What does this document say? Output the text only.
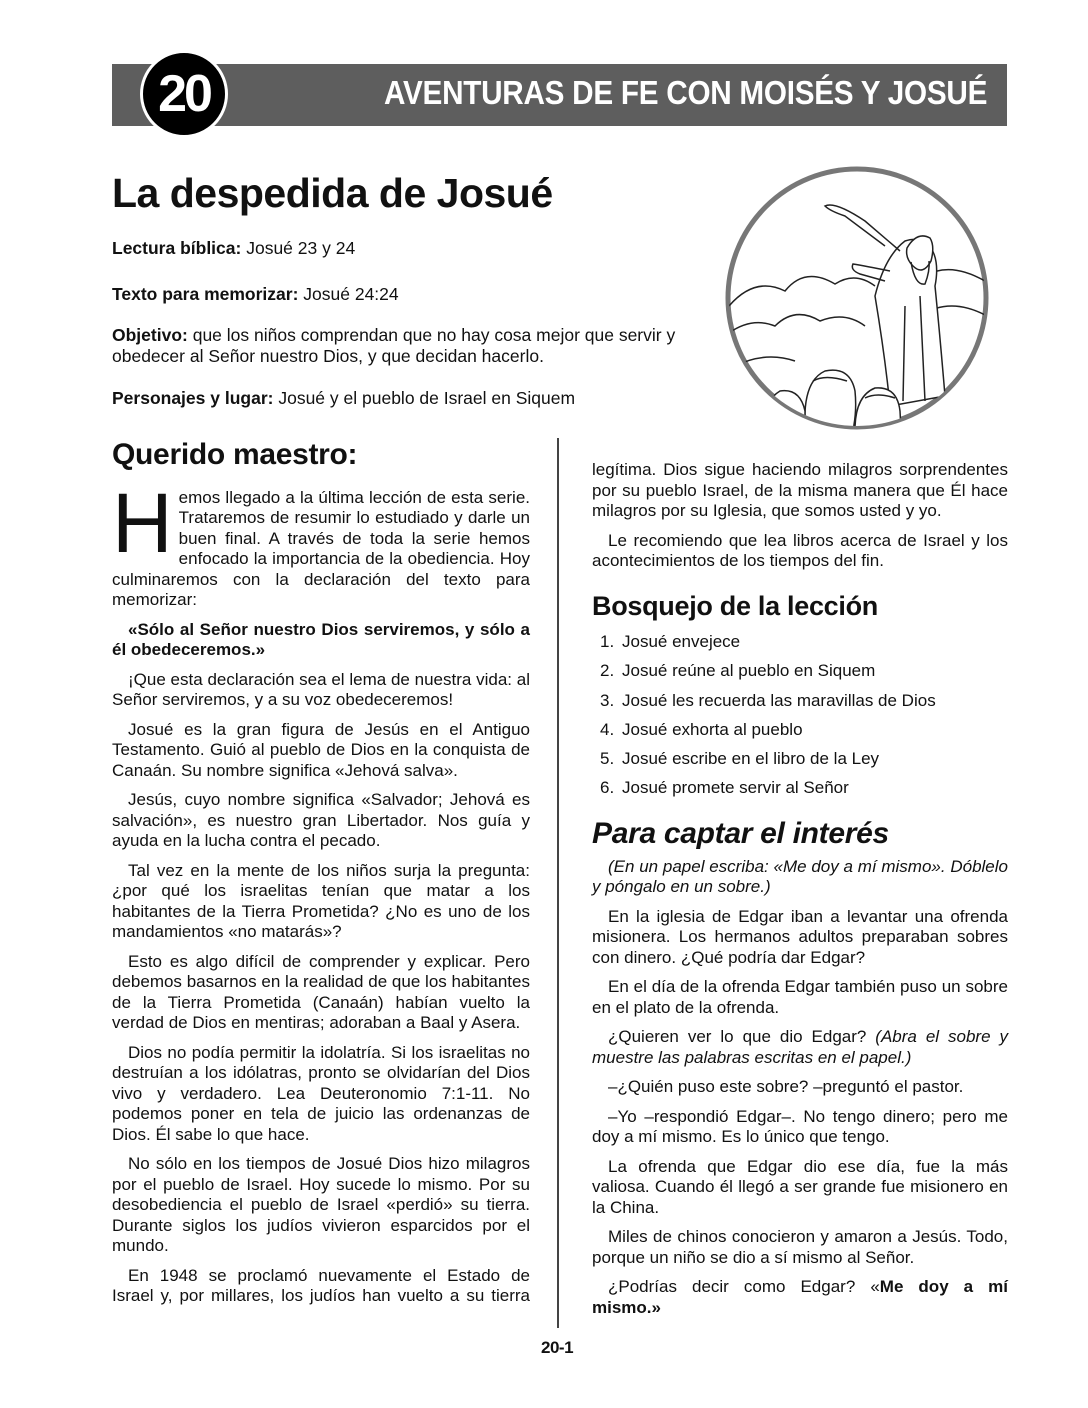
AVENTURAS DE FE CON MOISÉS Y JOSUÉ
20
La despedida de Josué
Lectura bíblica: Josué 23 y 24
Texto para memorizar: Josué 24:24
Objetivo: que los niños comprendan que no hay cosa mejor que servir y obedecer al Señor nuestro Dios, y que decidan hacerlo.
Personajes y lugar: Josué y el pueblo de Israel en Siquem
Querido maestro:

Hemos llegado a la última lección de esta serie. Trataremos de resumir lo estudiado y darle un buen final. A través de toda la serie hemos enfocado la importancia de la obediencia. Hoy culminaremos con la declaración del texto para memorizar:

«Sólo al Señor nuestro Dios serviremos, y sólo a él obedeceremos.»

¡Que esta declaración sea el lema de nuestra vida: al Señor serviremos, y a su voz obedeceremos!

Josué es la gran figura de Jesús en el Antiguo Testamento. Guió al pueblo de Dios en la conquista de Canaán. Su nombre significa «Jehová salva».

Jesús, cuyo nombre significa «Salvador; Jehová es salvación», es nuestro gran Libertador. Nos guía y ayuda en la lucha contra el pecado.

Tal vez en la mente de los niños surja la pregunta: ¿por qué los israelitas tenían que matar a los habitantes de la Tierra Prometida? ¿No es uno de los mandamientos «no matarás»?

Esto es algo difícil de comprender y explicar. Pero debemos basarnos en la realidad de que los habitantes de la Tierra Prometida (Canaán) habían vuelto la verdad de Dios en mentiras; adoraban a Baal y Asera.

Dios no podía permitir la idolatría. Si los israelitas no destruían a los idólatras, pronto se olvidarían del Dios vivo y verdadero. Lea Deuteronomio 7:1-11. No podemos poner en tela de juicio las ordenanzas de Dios. Él sabe lo que hace.

No sólo en los tiempos de Josué Dios hizo milagros por el pueblo de Israel. Hoy sucede lo mismo. Por su desobediencia el pueblo de Israel «perdió» su tierra. Durante siglos los judíos vivieron esparcidos por el mundo.

En 1948 se proclamó nuevamente el Estado de Israel y, por millares, los judíos han vuelto a su tierra

legítima. Dios sigue haciendo milagros sorprendentes por su pueblo Israel, de la misma manera que Él hace milagros por su Iglesia, que somos usted y yo.

Le recomiendo que lea libros acerca de Israel y los acontecimientos de los tiempos del fin.

Bosquejo de la lección
1. Josué envejece
2. Josué reúne al pueblo en Siquem
3. Josué les recuerda las maravillas de Dios
4. Josué exhorta al pueblo
5. Josué escribe en el libro de la Ley
6. Josué promete servir al Señor
Para captar el interés

(En un papel escriba: «Me doy a mí mismo». Dóblelo y póngalo en un sobre.)

En la iglesia de Edgar iban a levantar una ofrenda misionera. Los hermanos adultos preparaban sobres con dinero. ¿Qué podría dar Edgar?

En el día de la ofrenda Edgar también puso un sobre en el plato de la ofrenda.

¿Quieren ver lo que dio Edgar? (Abra el sobre y muestre las palabras escritas en el papel.)

–¿Quién puso este sobre? –preguntó el pastor.

–Yo –respondió Edgar–. No tengo dinero; pero me doy a mí mismo. Es lo único que tengo.

La ofrenda que Edgar dio ese día, fue la más valiosa. Cuando él llegó a ser grande fue misionero en la China.

Miles de chinos conocieron y amaron a Jesús. Todo, porque un niño se dio a sí mismo al Señor.

¿Podrías decir como Edgar? «Me doy a mí mismo.»

20-1
